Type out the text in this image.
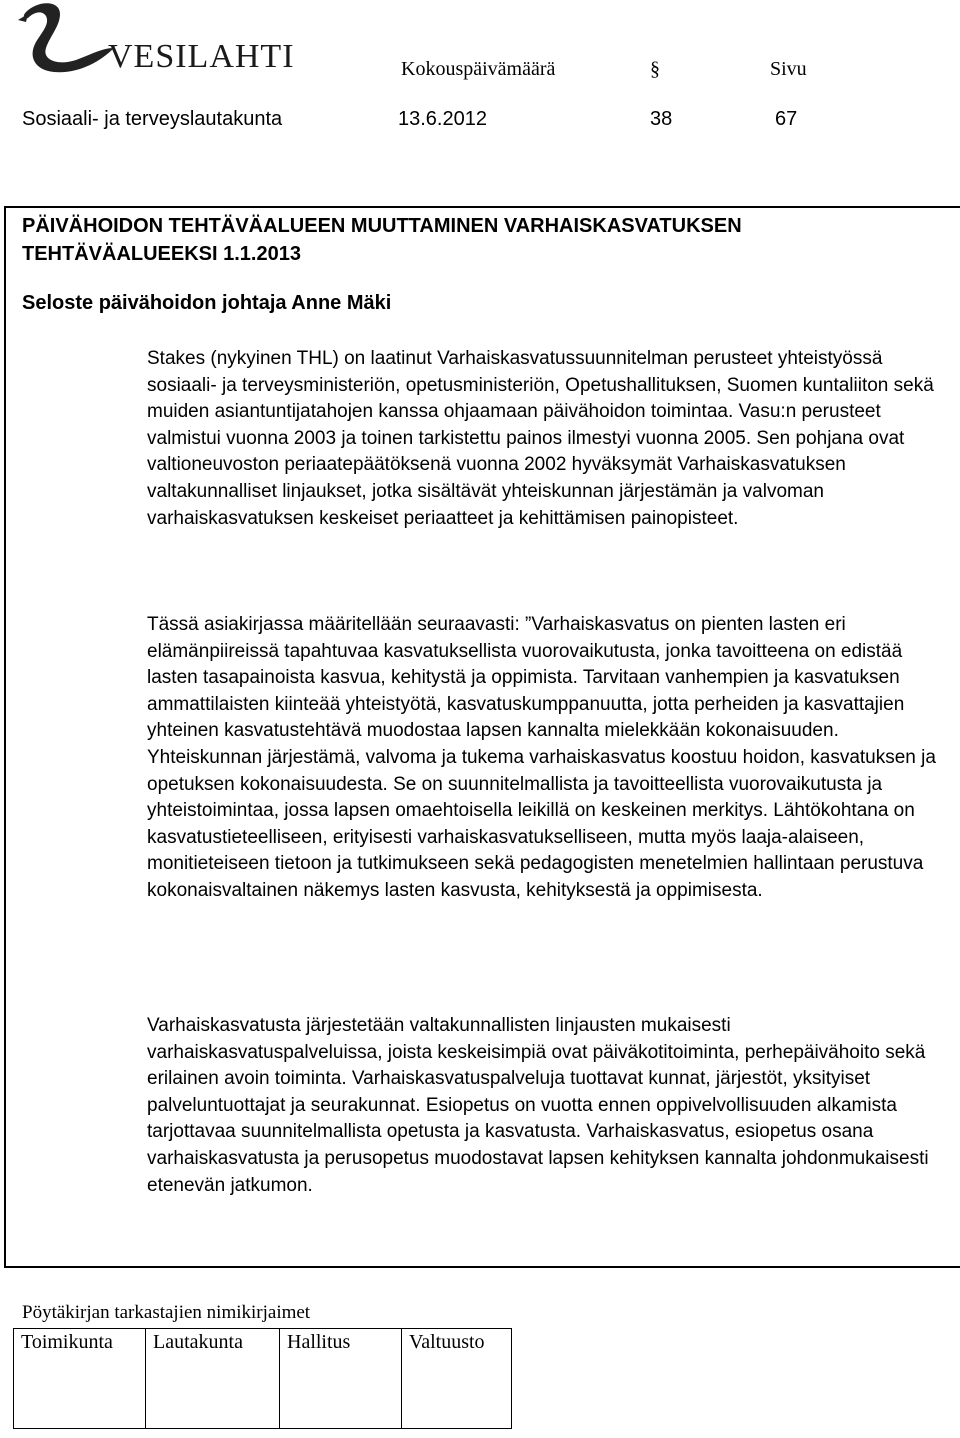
VESILAHTI	Kokouspäivämäärä	§	Sivu
Sosiaali- ja terveyslautakunta	13.6.2012	38	67
PÄIVÄHOIDON TEHTÄVÄALUEEN MUUTTAMINEN VARHAISKASVATUKSEN TEHTÄVÄALUEEKSI 1.1.2013
Seloste päivähoidon johtaja Anne Mäki

Stakes (nykyinen THL) on laatinut Varhaiskasvatussuunnitelman perusteet yhteistyössä sosiaali- ja terveysministeriön, opetusministeriön, Opetushallituksen, Suomen kuntaliiton sekä muiden asiantuntijatahojen kanssa ohjaamaan päivähoidon toimintaa. Vasu:n perusteet valmistui vuonna 2003 ja toinen tarkistettu painos ilmestyi vuonna 2005. Sen pohjana ovat valtioneuvoston periaatepäätöksenä vuonna 2002 hyväksymät Varhaiskasvatuksen valtakunnalliset linjaukset, jotka sisältävät yhteiskunnan järjestämän ja valvoman varhaiskasvatuksen keskeiset periaatteet ja kehittämisen painopisteet.

Tässä asiakirjassa määritellään seuraavasti: ”Varhaiskasvatus on pienten lasten eri elämänpiireissä tapahtuvaa kasvatuksellista vuorovaikutusta, jonka tavoitteena on edistää lasten tasapainoista kasvua, kehitystä ja oppimista. Tarvitaan vanhempien ja kasvatuksen ammattilaisten kiinteää yhteistyötä, kasvatuskumppanuutta, jotta perheiden ja kasvattajien yhteinen kasvatustehtävä muodostaa lapsen kannalta mielekkään kokonaisuuden. Yhteiskunnan järjestämä, valvoma ja tukema varhaiskasvatus koostuu hoidon, kasvatuksen ja opetuksen kokonaisuudesta. Se on suunnitelmallista ja tavoitteellista vuorovaikutusta ja yhteistoimintaa, jossa lapsen omaehtoisella leikillä on keskeinen merkitys. Lähtökohtana on kasvatustieteelliseen, erityisesti varhaiskasvatukselliseen, mutta myös laaja-alaiseen, monitieteiseen tietoon ja tutkimukseen sekä pedagogisten menetelmien hallintaan perustuva kokonaisvaltainen näkemys lasten kasvusta, kehityksestä ja oppimisesta.

Varhaiskasvatusta järjestetään valtakunnallisten linjausten mukaisesti varhaiskasvatuspalveluissa, joista keskeisimpiä ovat päiväkotitoiminta, perhepäivähoito sekä erilainen avoin toiminta. Varhaiskasvatuspalveluja tuottavat kunnat, järjestöt, yksityiset palveluntuottajat ja seurakunnat. Esiopetus on vuotta ennen oppivelvollisuuden alkamista tarjottavaa suunnitelmallista opetusta ja kasvatusta. Varhaiskasvatus, esiopetus osana varhaiskasvatusta ja perusopetus muodostavat lapsen kehityksen kannalta johdonmukaisesti etenevän jatkumon.

Pöytäkirjan tarkastajien nimikirjaimet
Toimikunta	Lautakunta	Hallitus	Valtuusto
